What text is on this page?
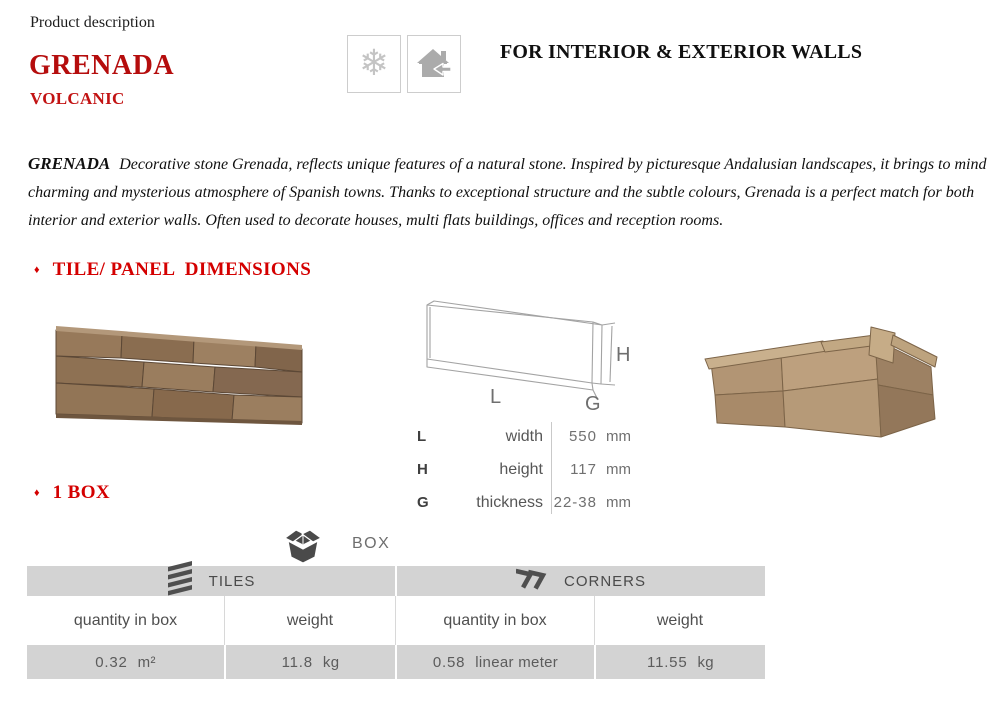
Product description
GRENADA
VOLCANIC
❄	FOR INTERIOR & EXTERIOR WALLS
GRENADA Decorative stone Grenada, reflects unique features of a natural stone. Inspired by picturesque Andalusian landscapes, it brings to mind charming and mysterious atmosphere of Spanish towns. Thanks to exceptional structure and the subtle colours, Grenada is a perfect match for both interior and exterior walls. Often used to decorate houses, multi flats buildings, offices and reception rooms.
♦ TILE/ PANEL  DIMENSIONS
L
H
G
L	width	550 mm
H	height	117 mm
G	thickness 22-38 mm
♦ 1 BOX
BOX
TILES	CORNERS
quantity in box	weight	quantity in box	weight
0.32 m²	11.8 kg	0.58 linear meter	11.55 kg
